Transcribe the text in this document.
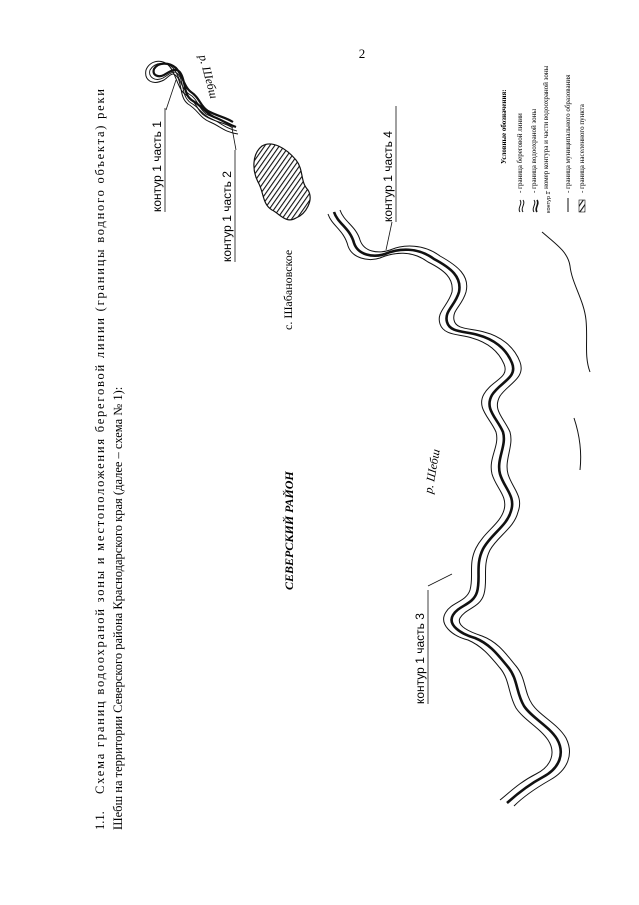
2
1.1.
Схема границ водоохраной зоны и местоположения береговой линии (границы водного объекта) реки
Шебш на территории Северского района Краснодарского края (далее – схема № 1):
контур 1 часть 1
контур 1 часть 2
контур 1 часть 3
контур 1 часть 4
р. Шебш
р. Шебш
с. Шабановское
СЕВЕРСКИЙ РАЙОН
Условные обозначения: - граница береговой линии - граница водоохраной зоны
контур 1
- номер контура и части водоохраной зоны - граница муниципального образования - граница населенного пункта
